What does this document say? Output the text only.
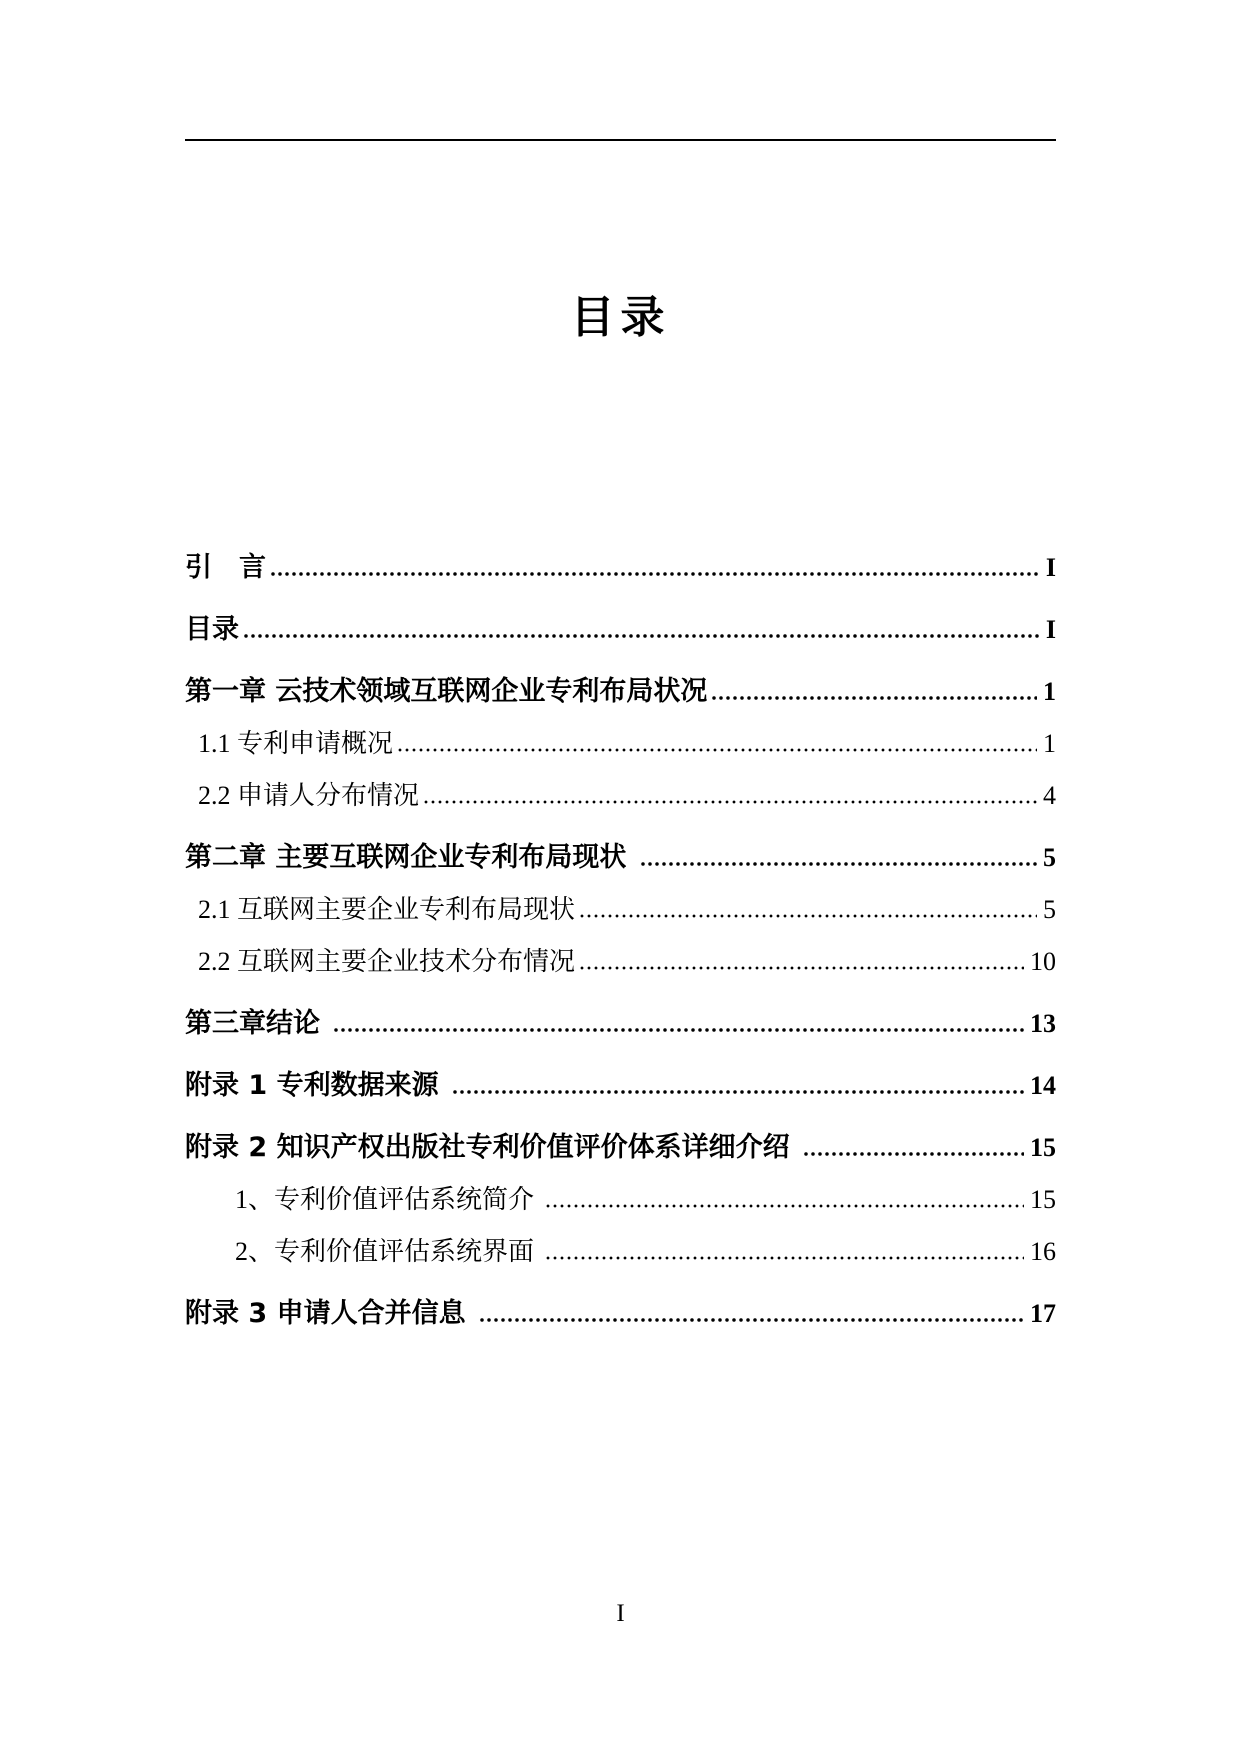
目录
引　言	I
目录	I
第一章 云技术领域互联网企业专利布局状况	1
1.1 专利申请概况	1
2.2 申请人分布情况	4
第二章 主要互联网企业专利布局现状	5
2.1 互联网主要企业专利布局现状	5
2.2 互联网主要企业技术分布情况	10
第三章结论	13
附录 1 专利数据来源	14
附录 2 知识产权出版社专利价值评价体系详细介绍	15
1、专利价值评估系统简介	15
2、专利价值评估系统界面	16
附录 3 申请人合并信息	17
I
